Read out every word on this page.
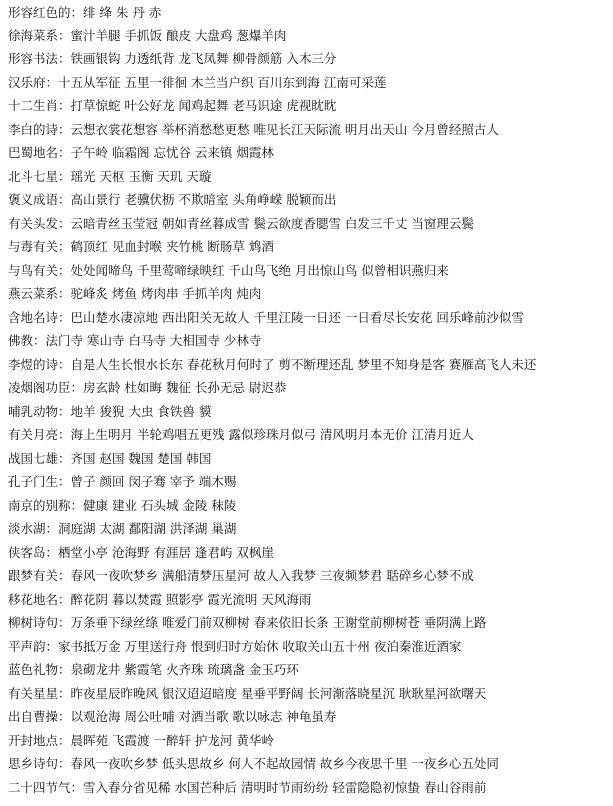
形容红色的：绯 绛 朱 丹 赤
徐海菜系：蜜汁羊腿 手抓饭 酿皮 大盘鸡 葱爆羊肉
形容书法：铁画银钩 力透纸背 龙飞凤舞 柳骨颜筋 入木三分
汉乐府：十五从军征 五里一徘徊 木兰当户织 百川东到海 江南可采莲
十二生肖：打草惊蛇 叶公好龙 闻鸡起舞 老马识途 虎视眈眈
李白的诗：云想衣裳花想容 举杯消愁愁更愁 唯见长江天际流 明月出天山 今月曾经照古人
巴蜀地名：子午岭 临霜阁 忘忧谷 云来镇 烟霞林
北斗七星：瑶光 天枢 玉衡 天玑 天璇
褒义成语：高山景行 老骥伏枥 不欺暗室 头角峥嵘 脱颖而出
有关头发：云暗青丝玉莹冠 朝如青丝暮成雪 鬓云欲度香腮雪 白发三千丈 当窗理云鬓
与毒有关：鹤顶红 见血封喉 夹竹桃 断肠草 鸩酒
与鸟有关：处处闻啼鸟 千里莺啼绿映红 千山鸟飞绝 月出惊山鸟 似曾相识燕归来
燕云菜系：驼峰炙 烤鱼 烤肉串 手抓羊肉 炖肉
含地名诗：巴山楚水凄凉地 西出阳关无故人 千里江陵一日还 一日看尽长安花 回乐峰前沙似雪
佛教：法门寺 寒山寺 白马寺 大相国寺 少林寺
李煜的诗：自是人生长恨水长东 春花秋月何时了 剪不断理还乱 梦里不知身是客 赛雁高飞人未还
凌烟阁功臣：房玄龄 杜如晦 魏征 长孙无忌 尉迟恭
哺乳动物：地羊 狻猊 大虫 食铁兽 貘
有关月亮：海上生明月 半轮鸡唱五更残 露似珍珠月似弓 清风明月本无价 江清月近人
战国七雄：齐国 赵国 魏国 楚国 韩国
孔子门生：曾子 颜回 闵子骞 宰予 端木赐
南京的别称：健康 建业 石头城 金陵 秣陵
淡水湖：洞庭湖 太湖 鄱阳湖 洪泽湖 巢湖
侠客岛：栖堂小亭 沧海野 有涯居 逢君屿 双枫崖
跟梦有关：春风一夜吹梦乡 满船清梦压星河 故人入我梦 三夜频梦君 聒碎乡心梦不成
移花地名：醉花阴 暮以焚霞 照影亭 霞光流明 天风海雨
柳树诗句：万条垂下绿丝绦 唯爱门前双柳树 春来依旧长条 王谢堂前柳树苍 垂阴满上路
平声韵：家书抵万金 万里送行舟 恨到归时方始休 收取关山五十州 夜泊秦淮近酒家
蓝色礼物：泉砌龙井 紫霞笔 火齐珠 琉璃盏 金玉巧环
有关星星：昨夜星辰昨晚风 银汉迢迢暗度 星垂平野阔 长河渐落晓星沉 耿耿星河欲曙天
出自曹操：以观沧海 周公吐哺 对酒当歌 歌以咏志 神龟虽寿
开封地点：晨晖苑 飞霞渡 一醉轩 护龙河 黄华岭
思乡诗句：春风一夜吹乡梦 低头思故乡 何人不起故园情 故乡今夜思千里 一夜乡心五处同
二十四节气：雪入春分省见稀 水国芒种后 清明时节雨纷纷 轻雷隐隐初惊蛰 春山谷雨前
